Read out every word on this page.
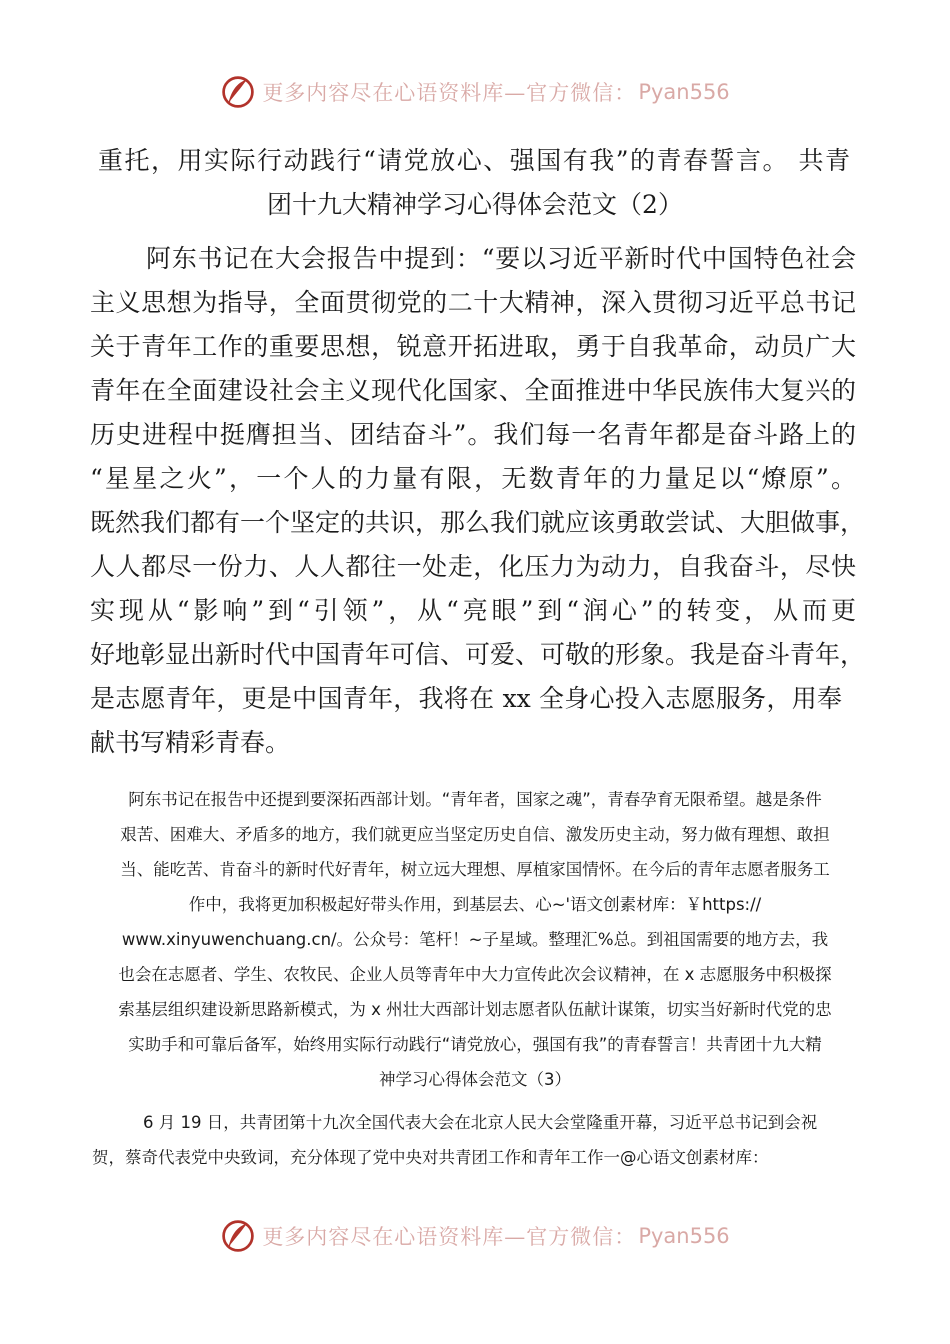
更多内容尽在心语资料库—官方微信： Pyan556
重托，用实际行动践行“请党放心、强国有我”的青春誓言。 共青
团十九大精神学习心得体会范文（2）
阿东书记在大会报告中提到：“要以习近平新时代中国特色社会
主义思想为指导，全面贯彻党的二十大精神，深入贯彻习近平总书记
关于青年工作的重要思想，锐意开拓进取，勇于自我革命，动员广大
青年在全面建设社会主义现代化国家、全面推进中华民族伟大复兴的
历史进程中挺膺担当、团结奋斗”。我们每一名青年都是奋斗路上的
“星星之火”，一个人的力量有限，无数青年的力量足以“燎原”。
既然我们都有一个坚定的共识，那么我们就应该勇敢尝试、大胆做事，
人人都尽一份力、人人都往一处走，化压力为动力，自我奋斗，尽快
实现从“影响”到“引领”，从“亮眼”到“润心”的转变，从而更
好地彰显出新时代中国青年可信、可爱、可敬的形象。我是奋斗青年，
是志愿青年，更是中国青年，我将在 xx 全身心投入志愿服务，用奉
献书写精彩青春。
阿东书记在报告中还提到要深拓西部计划。“青年者，国家之魂”，青春孕育无限希望。越是条件
艰苦、困难大、矛盾多的地方，我们就更应当坚定历史自信、激发历史主动，努力做有理想、敢担
当、能吃苦、肯奋斗的新时代好青年，树立远大理想、厚植家国情怀。在今后的青年志愿者服务工
作中，我将更加积极起好带头作用，到基层去、心~'语文创素材库：￥https://
www.xinyuwenchuang.cn/。公众号：笔杆！~子星域。整理汇%总。到祖国需要的地方去，我
也会在志愿者、学生、农牧民、企业人员等青年中大力宣传此次会议精神，在 x 志愿服务中积极探
索基层组织建设新思路新模式，为 x 州壮大西部计划志愿者队伍献计谋策，切实当好新时代党的忠
实助手和可靠后备军，始终用实际行动践行“请党放心，强国有我”的青春誓言！共青团十九大精
神学习心得体会范文（3）
6 月 19 日，共青团第十九次全国代表大会在北京人民大会堂隆重开幕，习近平总书记到会祝
贺，蔡奇代表党中央致词，充分体现了党中央对共青团工作和青年工作一@心语文创素材库：
更多内容尽在心语资料库—官方微信： Pyan556
